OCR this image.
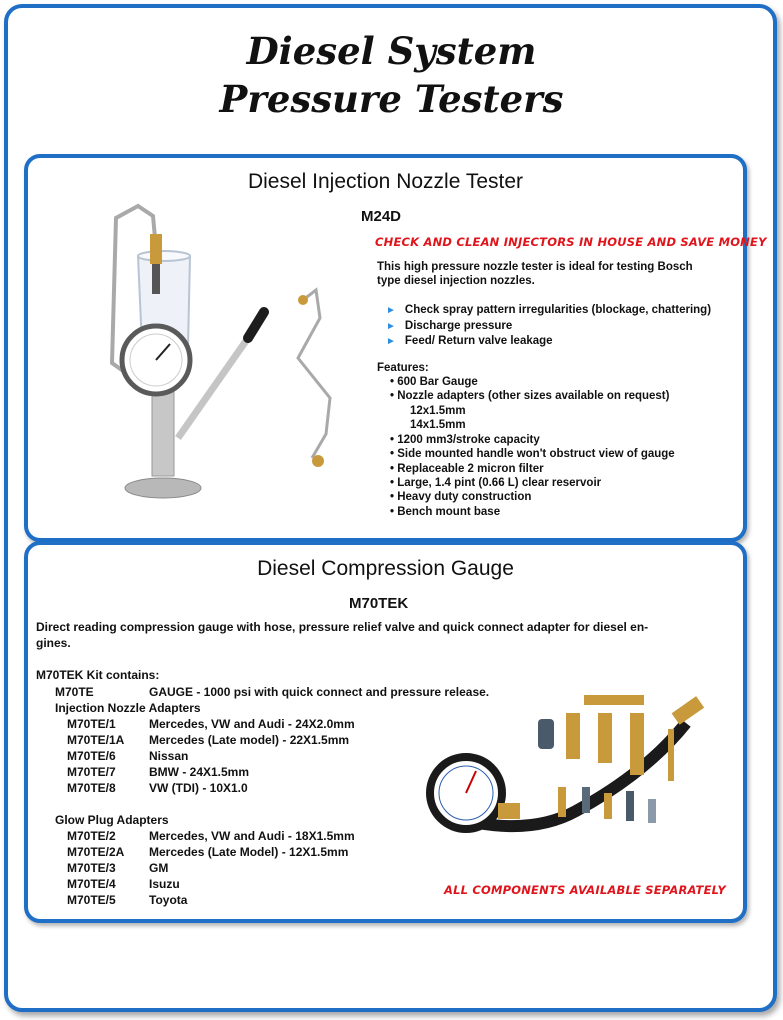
Diesel System
Pressure Testers
Diesel Injection Nozzle Tester
M24D
CHECK AND CLEAN INJECTORS IN HOUSE AND SAVE MONEY
This high pressure nozzle tester is ideal for testing Bosch
type diesel injection nozzles.
► Check spray pattern irregularities (blockage, chattering)
► Discharge pressure
► Feed/ Return valve leakage
Features:
• 600 Bar Gauge
• Nozzle adapters (other sizes available on request)
12x1.5mm
14x1.5mm
• 1200 mm3/stroke capacity
• Side mounted handle won't obstruct view of gauge
• Replaceable 2 micron filter
• Large, 1.4 pint (0.66 L) clear reservoir
• Heavy duty construction
• Bench mount base
Diesel Compression Gauge
M70TEK
Direct reading compression gauge with hose, pressure relief valve and quick connect adapter for diesel en-
gines.
M70TEK Kit contains:
M70TE	GAUGE - 1000 psi with quick connect and pressure release.
Injection Nozzle Adapters
M70TE/1	Mercedes, VW and Audi - 24X2.0mm
M70TE/1A Mercedes (Late model) - 22X1.5mm
M70TE/6	Nissan
M70TE/7	BMW - 24X1.5mm
M70TE/8	VW (TDI) - 10X1.0
Glow Plug Adapters
M70TE/2	Mercedes, VW and Audi - 18X1.5mm
M70TE/2A Mercedes (Late Model) - 12X1.5mm
M70TE/3	GM
M70TE/4	Isuzu
M70TE/5	Toyota
ALL COMPONENTS AVAILABLE SEPARATELY
